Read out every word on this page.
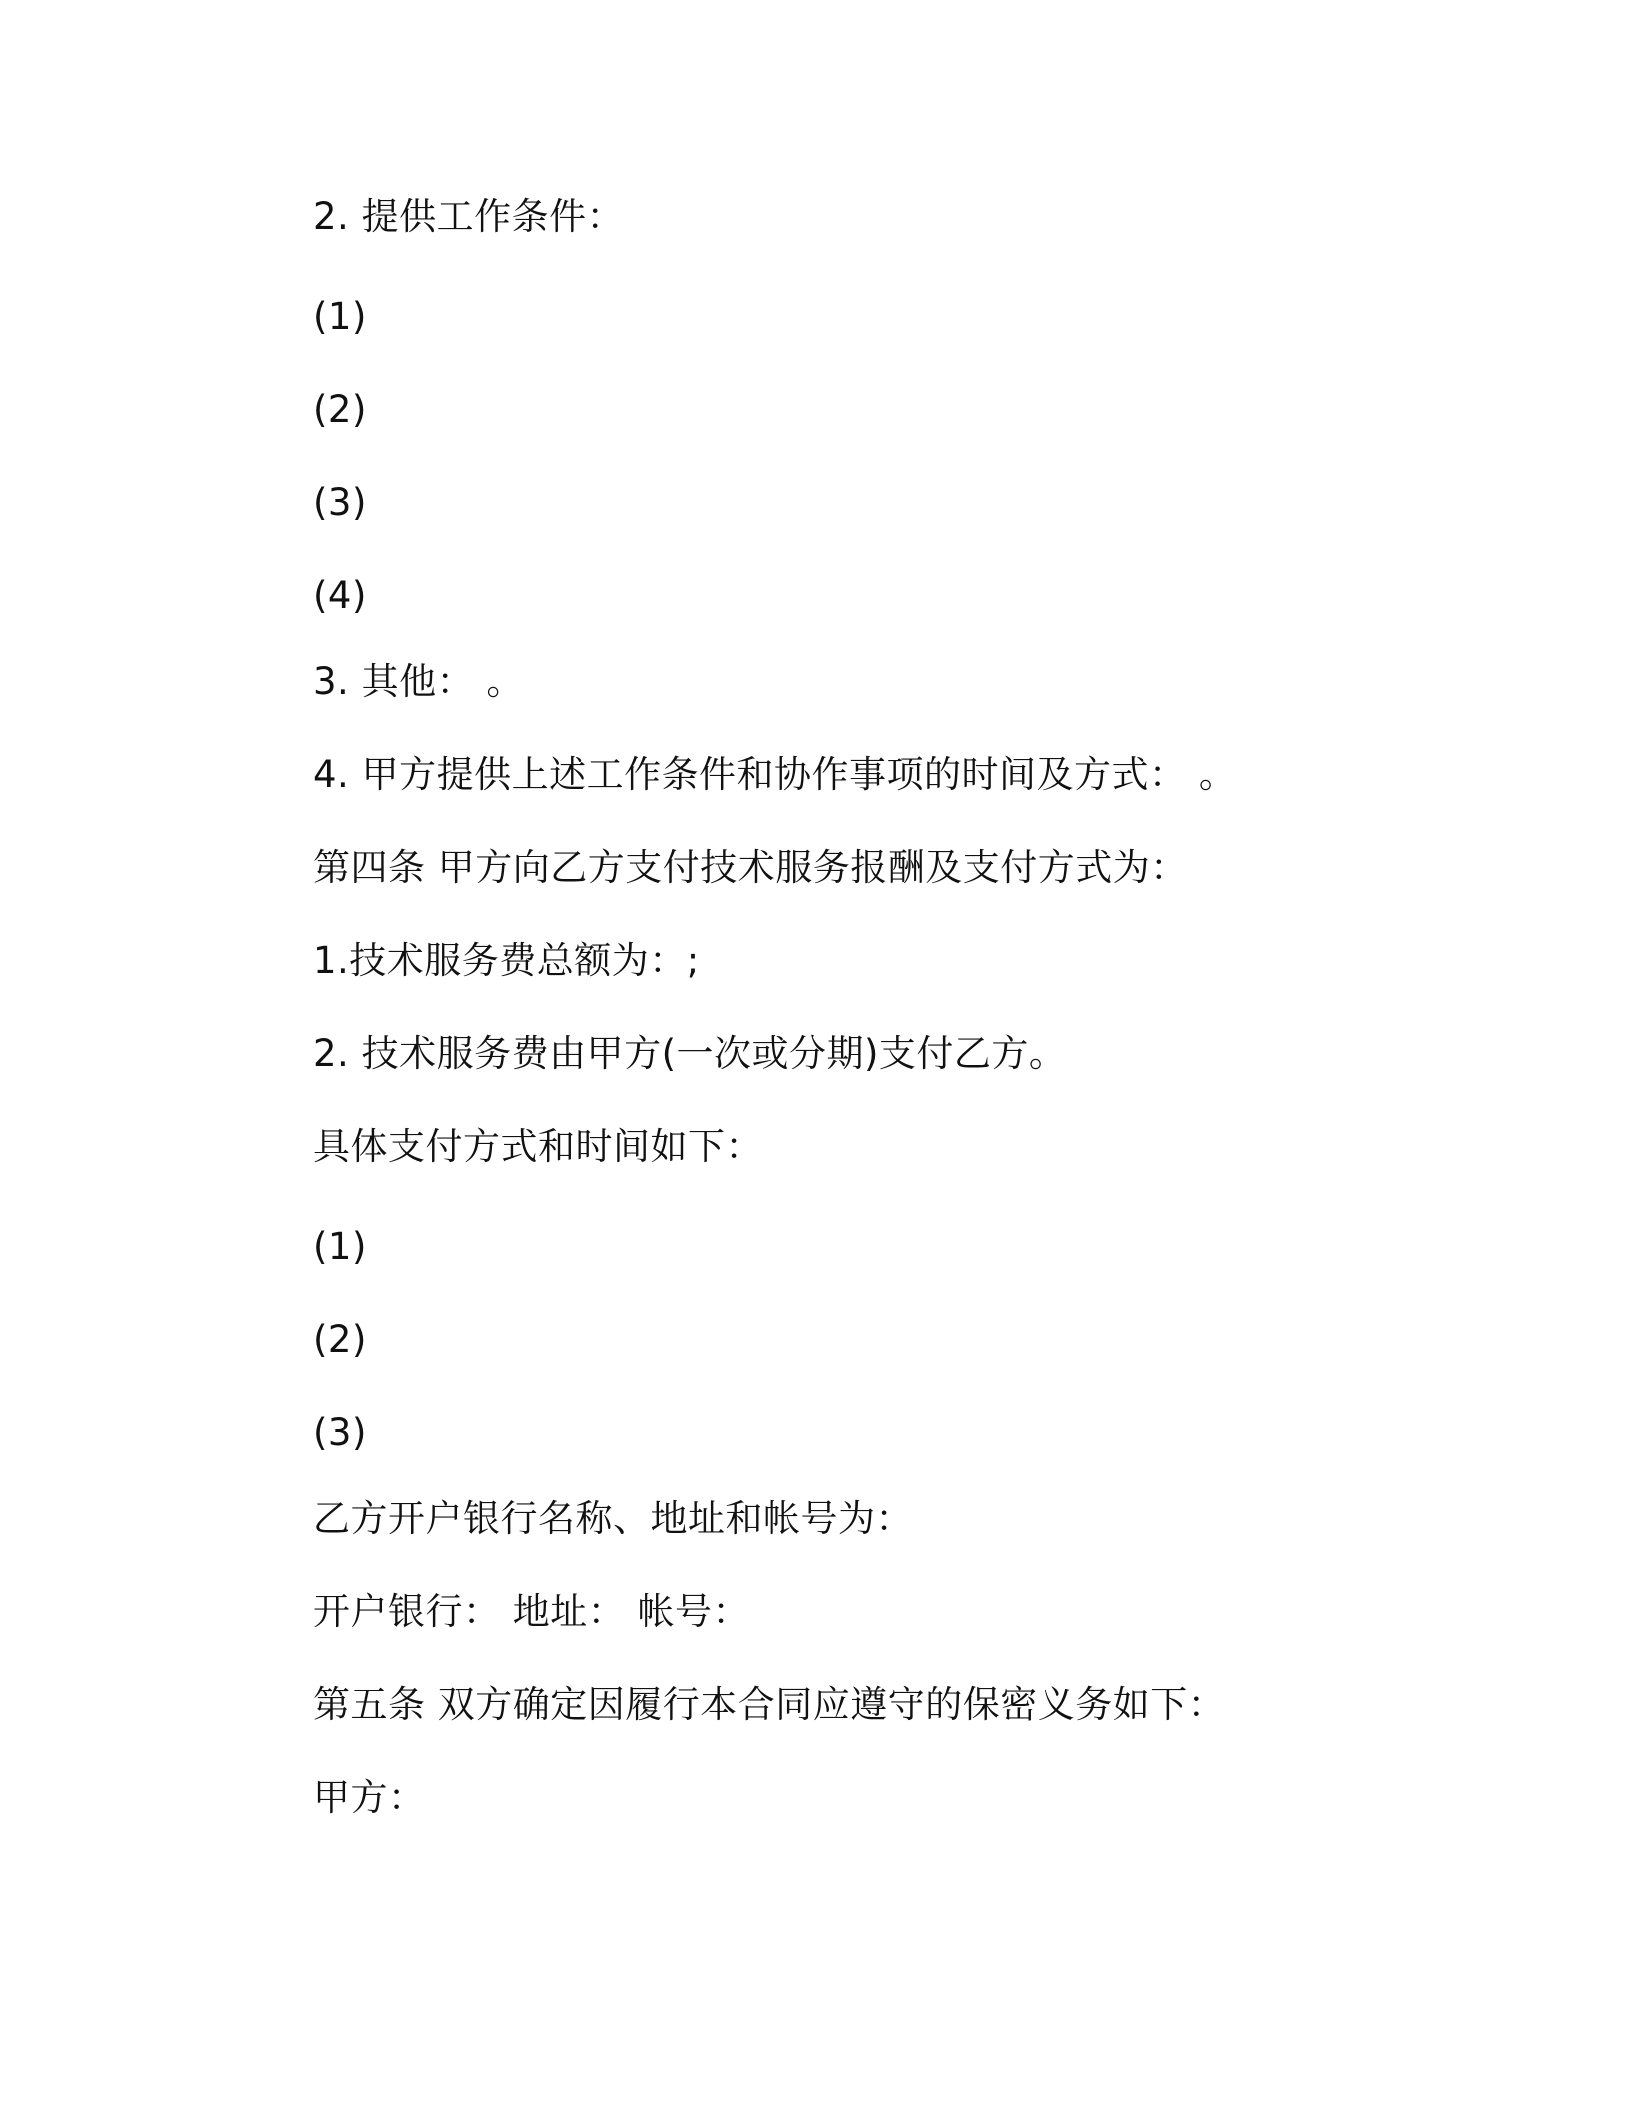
2. 提供工作条件：
(1)
(2)
(3)
(4)
3. 其他： 。
4. 甲方提供上述工作条件和协作事项的时间及方式： 。
第四条 甲方向乙方支付技术服务报酬及支付方式为：
1.技术服务费总额为：;
2. 技术服务费由甲方(一次或分期)支付乙方。
具体支付方式和时间如下：
(1)
(2)
(3)
乙方开户银行名称、地址和帐号为：
开户银行： 地址： 帐号：
第五条 双方确定因履行本合同应遵守的保密义务如下：
甲方：
